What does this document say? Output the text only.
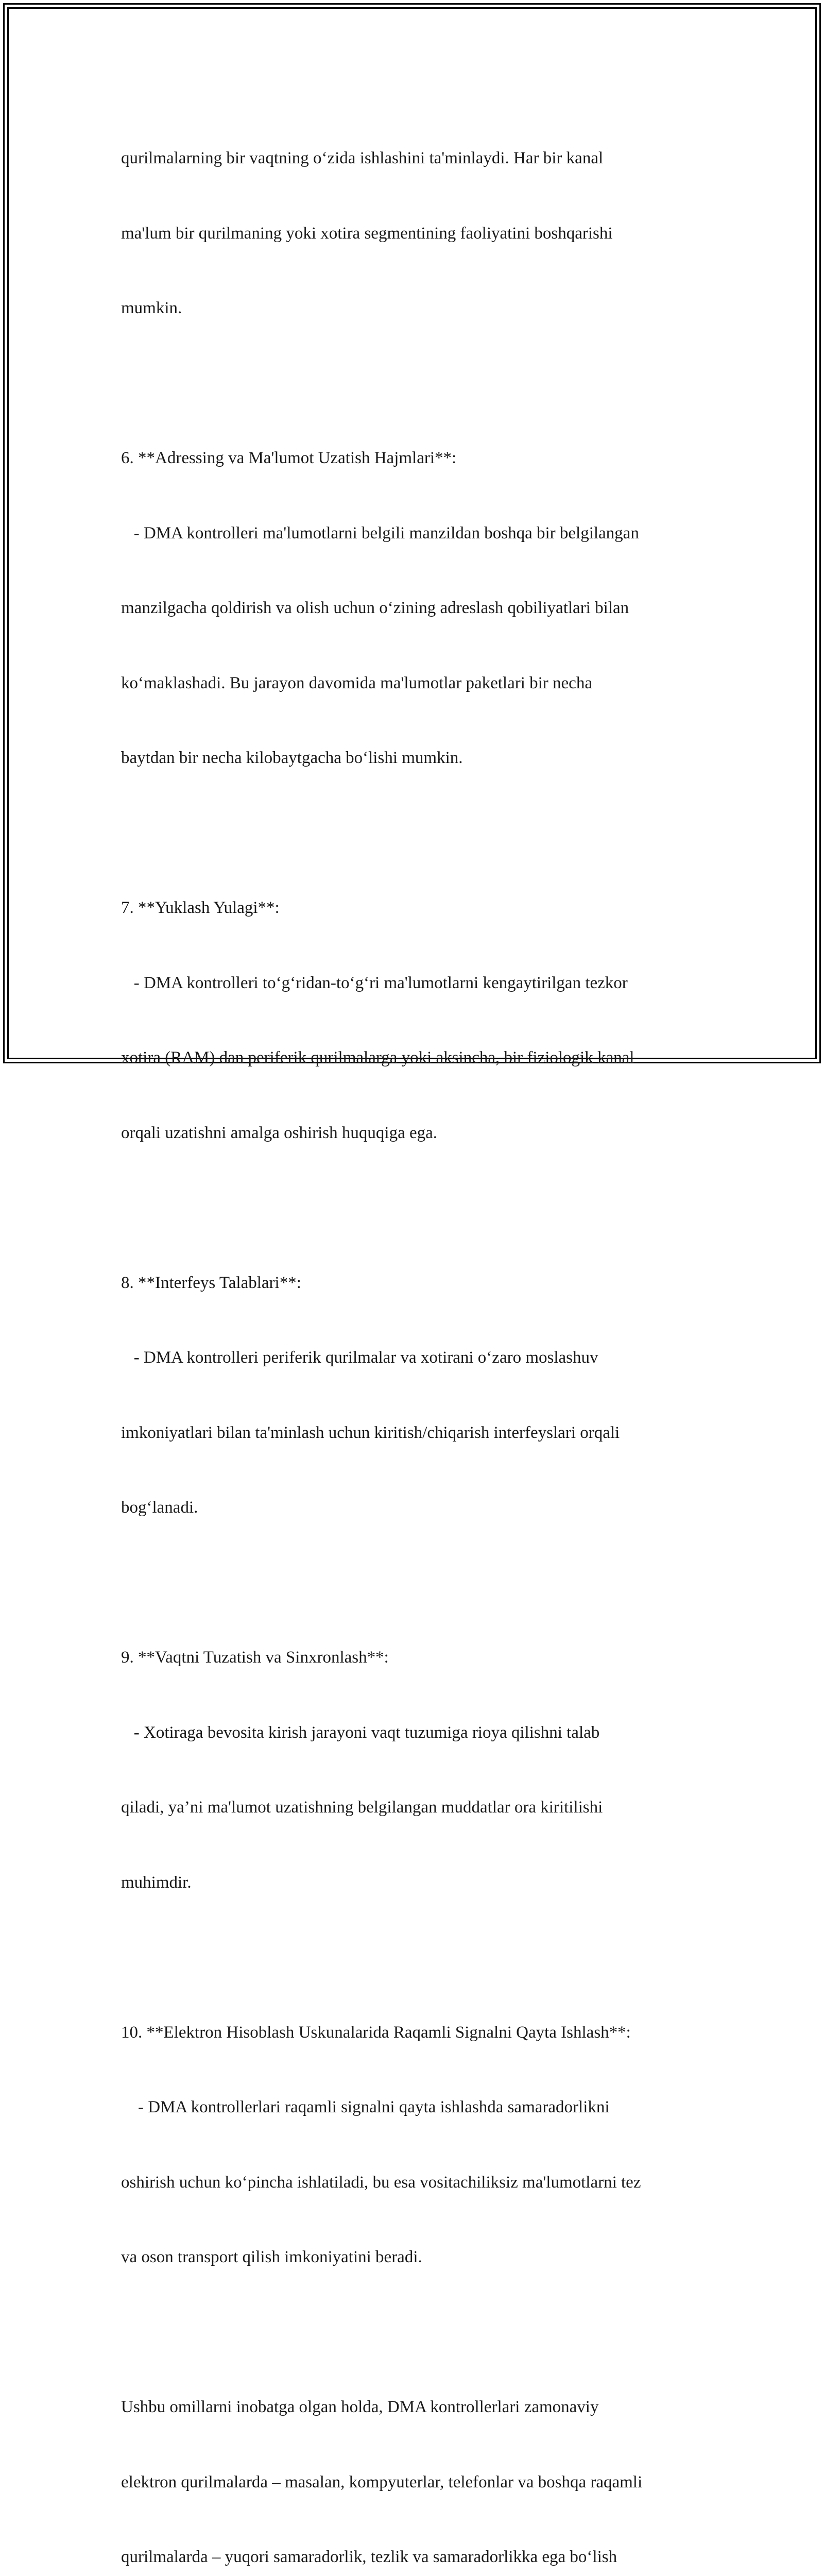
qurilmalarning bir vaqtning o‘zida ishlashini ta'minlaydi. Har bir kanal

ma'lum bir qurilmaning yoki xotira segmentining faoliyatini boshqarishi

mumkin.

6. **Adressing va Ma'lumot Uzatish Hajmlari**:

- DMA kontrolleri ma'lumotlarni belgili manzildan boshqa bir belgilangan

manzilgacha qoldirish va olish uchun o‘zining adreslash qobiliyatlari bilan

ko‘maklashadi. Bu jarayon davomida ma'lumotlar paketlari bir necha

baytdan bir necha kilobaytgacha bo‘lishi mumkin.

7. **Yuklash Yulagi**:

- DMA kontrolleri to‘g‘ridan-to‘g‘ri ma'lumotlarni kengaytirilgan tezkor

xotira (RAM) dan periferik qurilmalarga yoki aksincha, bir fiziologik kanal

orqali uzatishni amalga oshirish huquqiga ega.

8. **Interfeys Talablari**:

- DMA kontrolleri periferik qurilmalar va xotirani o‘zaro moslashuv

imkoniyatlari bilan ta'minlash uchun kiritish/chiqarish interfeyslari orqali

bog‘lanadi.

9. **Vaqtni Tuzatish va Sinxronlash**:

- Xotiraga bevosita kirish jarayoni vaqt tuzumiga rioya qilishni talab

qiladi, ya’ni ma'lumot uzatishning belgilangan muddatlar ora kiritilishi

muhimdir.

10. **Elektron Hisoblash Uskunalarida Raqamli Signalni Qayta Ishlash**:

- DMA kontrollerlari raqamli signalni qayta ishlashda samaradorlikni

oshirish uchun ko‘pincha ishlatiladi, bu esa vositachiliksiz ma'lumotlarni tez

va oson transport qilish imkoniyatini beradi.

Ushbu omillarni inobatga olgan holda, DMA kontrollerlari zamonaviy

elektron qurilmalarda – masalan, kompyuterlar, telefonlar va boshqa raqamli

qurilmalarda – yuqori samaradorlik, tezlik va samaradorlikka ega bo‘lish
